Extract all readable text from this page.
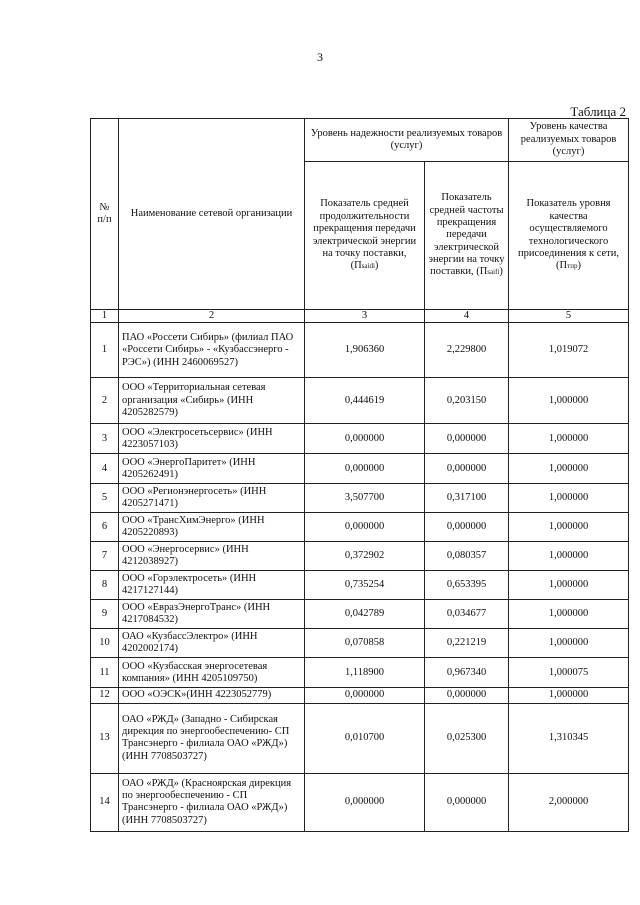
3
Таблица 2
№ п/п	Наименование сетевой организации	Уровень надежности реализуемых товаров (услуг)		Уровень качества реализуемых товаров (услуг)
		Показатель средней продолжительности прекращения передачи электрической энергии на точку поставки, (Пsaidi)	Показатель средней частоты прекращения передачи электрической энергии на точку поставки, (Пsaifi)	Показатель уровня качества осуществляемого технологического присоединения к сети, (Птпр)
1	2	3	4	5
1	ПАО «Россети Сибирь» (филиал ПАО «Россети Сибирь» - «Кузбассэнерго - РЭС») (ИНН 2460069527)	1,906360	2,229800	1,019072
2	ООО «Территориальная сетевая организация «Сибирь» (ИНН 4205282579)	0,444619	0,203150	1,000000
3	ООО «Электросетьсервис» (ИНН 4223057103)	0,000000	0,000000	1,000000
4	ООО «ЭнергоПаритет» (ИНН 4205262491)	0,000000	0,000000	1,000000
5	ООО «Регионэнергосеть» (ИНН 4205271471)	3,507700	0,317100	1,000000
6	ООО «ТрансХимЭнерго» (ИНН 4205220893)	0,000000	0,000000	1,000000
7	ООО «Энергосервис» (ИНН 4212038927)	0,372902	0,080357	1,000000
8	ООО «Горэлектросеть» (ИНН 4217127144)	0,735254	0,653395	1,000000
9	ООО «ЕвразЭнергоТранс» (ИНН 4217084532)	0,042789	0,034677	1,000000
10	ОАО «КузбассЭлектро» (ИНН 4202002174)	0,070858	0,221219	1,000000
11	ООО «Кузбасская энергосетевая компания» (ИНН 4205109750)	1,118900	0,967340	1,000075
12	ООО «ОЭСК»(ИНН 4223052779)	0,000000	0,000000	1,000000
13	ОАО «РЖД» (Западно - Сибирская дирекция по энергообеспечению- СП Трансэнерго - филиала ОАО «РЖД») (ИНН 7708503727)	0,010700	0,025300	1,310345
14	ОАО «РЖД» (Красноярская дирекция по энергообеспечению - СП Трансэнерго - филиала ОАО «РЖД») (ИНН 7708503727)	0,000000	0,000000	2,000000
